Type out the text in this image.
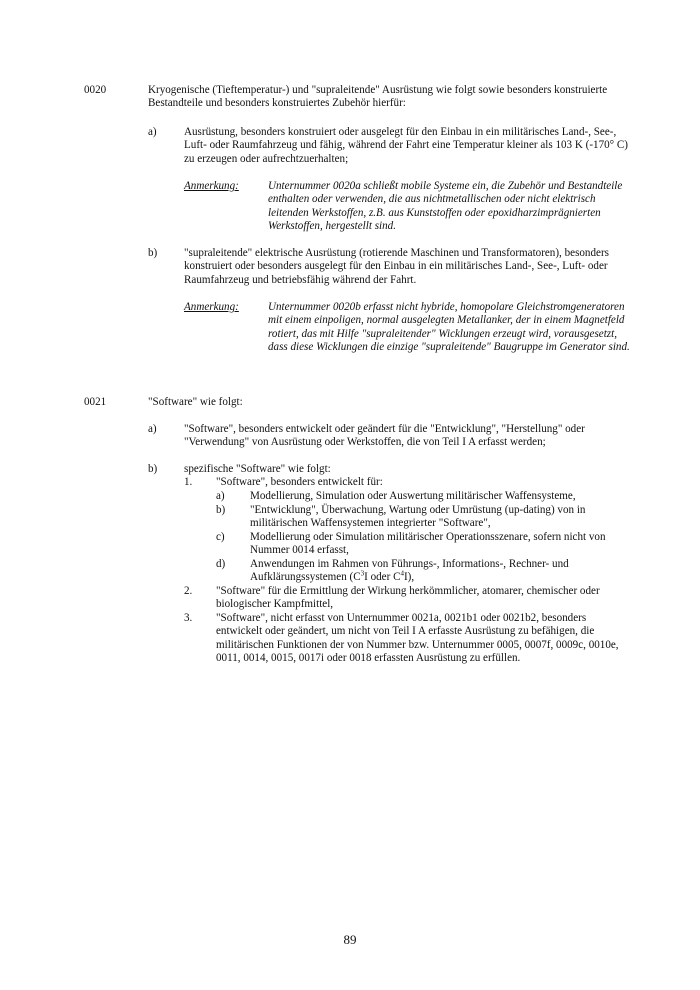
0020	Kryogenische (Tieftemperatur-) und "supraleitende" Ausrüstung wie folgt sowie besonders konstruierte Bestandteile und besonders konstruiertes Zubehör hierfür:

a) Ausrüstung, besonders konstruiert oder ausgelegt für den Einbau in ein militärisches Land-, See-, Luft- oder Raumfahrzeug und fähig, während der Fahrt eine Temperatur kleiner als 103 K (-170° C) zu erzeugen oder aufrechtzuerhalten;

Anmerkung:	Unternummer 0020a schließt mobile Systeme ein, die Zubehör und Bestandteile enthalten oder verwenden, die aus nichtmetallischen oder nicht elektrisch leitenden Werkstoffen, z.B. aus Kunststoffen oder epoxidharzimprägnierten Werkstoffen, hergestellt sind.

b) "supraleitende" elektrische Ausrüstung (rotierende Maschinen und Transformatoren), besonders konstruiert oder besonders ausgelegt für den Einbau in ein militärisches Land-, See-, Luft- oder Raumfahrzeug und betriebsfähig während der Fahrt.

Anmerkung:	Unternummer 0020b erfasst nicht hybride, homopolare Gleichstromgeneratoren mit einem einpoligen, normal ausgelegten Metallanker, der in einem Magnetfeld rotiert, das mit Hilfe "supraleitender" Wicklungen erzeugt wird, vorausgesetzt, dass diese Wicklungen die einzige "supraleitende" Baugruppe im Generator sind.

0021	"Software" wie folgt:

a) "Software", besonders entwickelt oder geändert für die "Entwicklung", "Herstellung" oder "Verwendung" von Ausrüstung oder Werkstoffen, die von Teil I A erfasst werden;

b) spezifische "Software" wie folgt:

1. "Software", besonders entwickelt für:

a) Modellierung, Simulation oder Auswertung militärischer Waffensysteme,

b) "Entwicklung", Überwachung, Wartung oder Umrüstung (up-dating) von in militärischen Waffensystemen integrierter "Software",

c) Modellierung oder Simulation militärischer Operationsszenare, sofern nicht von Nummer 0014 erfasst,

d) Anwendungen im Rahmen von Führungs-, Informations-, Rechner- und Aufklärungssystemen ($C^3I$ oder $C^4I$),

2. "Software" für die Ermittlung der Wirkung herkömmlicher, atomarer, chemischer oder biologischer Kampfmittel,

3. "Software", nicht erfasst von Unternummer 0021a, 0021b1 oder 0021b2, besonders entwickelt oder geändert, um nicht von Teil I A erfasste Ausrüstung zu befähigen, die militärischen Funktionen der von Nummer bzw. Unternummer 0005, 0007f, 0009c, 0010e, 0011, 0014, 0015, 0017i oder 0018 erfassten Ausrüstung zu erfüllen.

89
